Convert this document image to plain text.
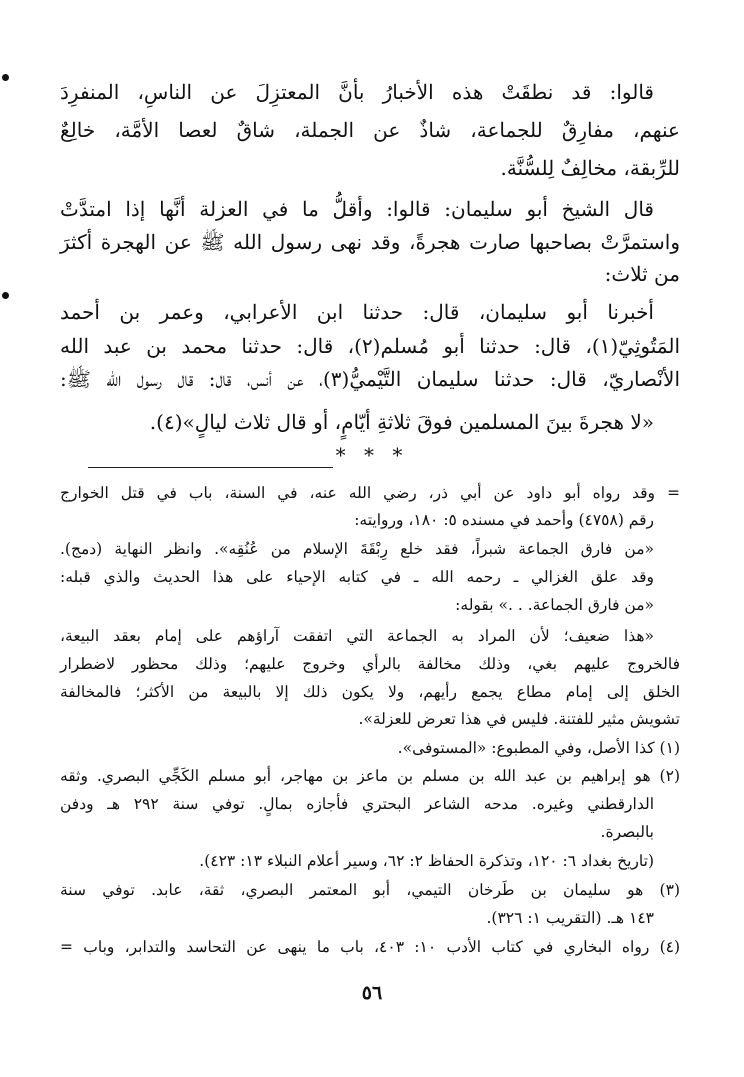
قالوا: قد نطقَتْ هذه الأخبارُ بأنَّ المعتزِلَ عن الناسِ، المنفرِدَ
عنهم، مفارِقٌ للجماعة، شاذٌ عن الجملة، شاقٌ لعصا الأمَّة، خالِعٌ
للرِّبقة، مخالِفٌ لِلسُّنَّة.
قال الشيخ أبو سليمان: قالوا: وأقلُّ ما في العزلة أنَّها إذا امتدَّتْ
واستمرَّتْ بصاحبها صارت هجرةً، وقد نهى رسول الله ﷺ عن الهجرة أكثرَ
من ثلاث:
أخبرنا أبو سليمان، قال: حدثنا ابن الأعرابي، وعمر بن أحمد
المَتُوثِيّ(١)، قال: حدثنا أبو مُسلم(٢)، قال: حدثنا محمد بن عبد الله
الأنْصاريّ، قال: حدثنا سليمان التَّيْميُّ(٣)، عن أنس، قال: قال رسول الله ﷺ:
«لا هجرةَ بينَ المسلمين فوقَ ثلاثةِ أيّامٍ، أو قال ثلاث ليالٍ»(٤).
* * *
= وقد رواه أبو داود عن أبي ذر، رضي الله عنه، في السنة، باب في قتل الخوارج
رقم (٤٧٥٨) وأحمد في مسنده ٥: ١٨٠، وروايته:
«من فارق الجماعة شبراً، فقد خلع رِبْقَةَ الإسلام من عُنُقِه». وانظر النهاية (دمج).
وقد علق الغزالي ـ رحمه الله ـ في كتابه الإحياء على هذا الحديث والذي قبله:
«من فارق الجماعة. . .» بقوله:
«هذا ضعيف؛ لأن المراد به الجماعة التي اتفقت آراؤهم على إمام بعقد البيعة،
فالخروج عليهم بغي، وذلك مخالفة بالرأي وخروج عليهم؛ وذلك محظور لاضطرار
الخلق إلى إمام مطاع يجمع رأيهم، ولا يكون ذلك إلا بالبيعة من الأكثر؛ فالمخالفة
تشويش مثير للفتنة. فليس في هذا تعرض للعزلة».
(١) كذا الأصل، وفي المطبوع: «المستوفى».
(٢) هو إبراهيم بن عبد الله بن مسلم بن ماعز بن مهاجر، أبو مسلم الكَجِّي البصري. وثقه
الدارقطني وغيره. مدحه الشاعر البحتري فأجازه بمالٍ. توفي سنة ٢٩٢ هـ ودفن
بالبصرة.
(تاريخ بغداد ٦: ١٢٠، وتذكرة الحفاظ ٢: ٦٢، وسير أعلام النبلاء ١٣: ٤٢٣).
(٣) هو سليمان بن طَرخان التيمي، أبو المعتمر البصري، ثقة، عابد. توفي سنة
١٤٣ هـ. (التقريب ١: ٣٢٦).
(٤) رواه البخاري في كتاب الأدب ١٠: ٤٠٣، باب ما ينهى عن التحاسد والتدابر، وباب =
٥٦
